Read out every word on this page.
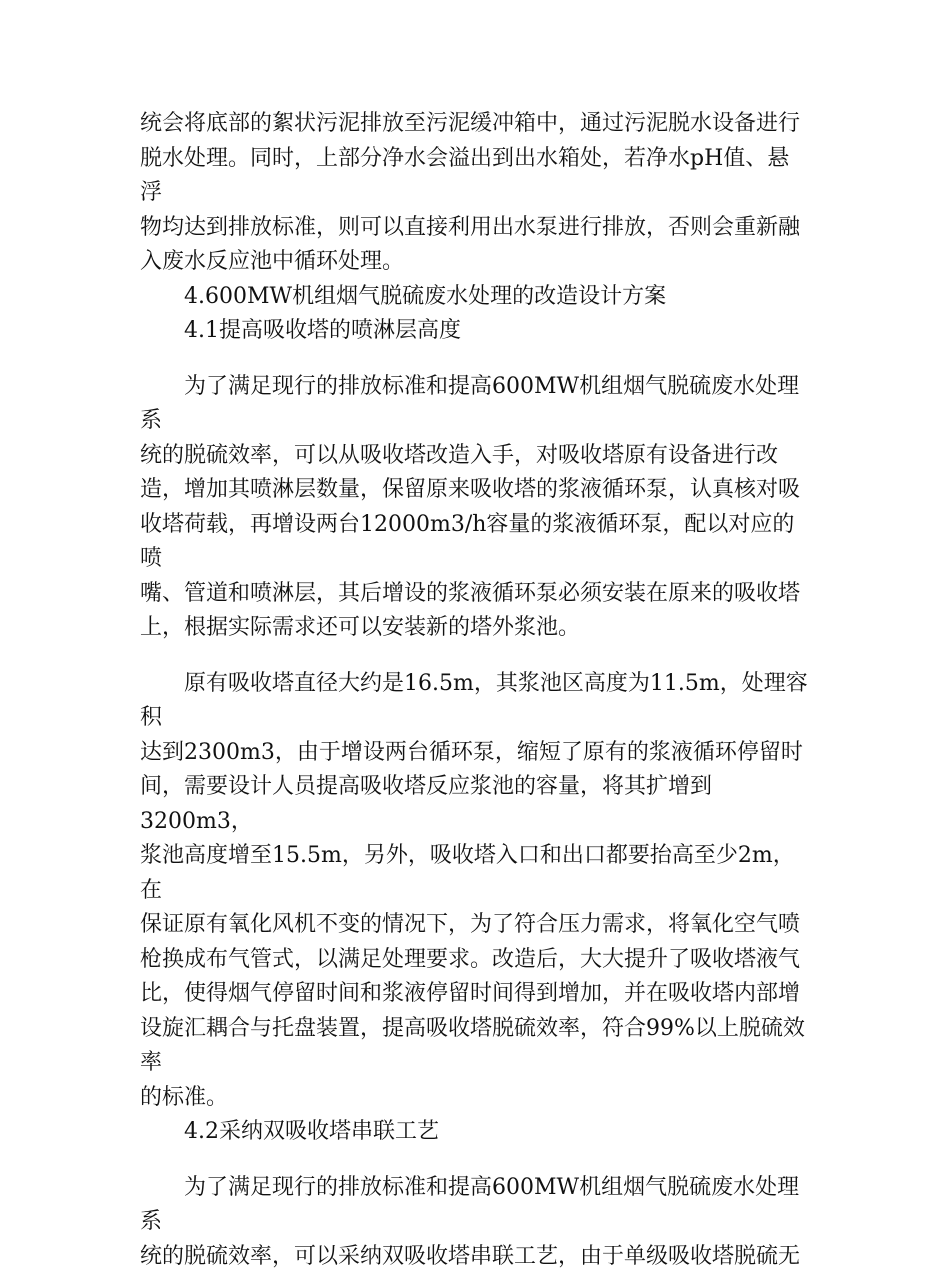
统会将底部的絮状污泥排放至污泥缓冲箱中，通过污泥脱水设备进行
脱水处理。同时，上部分净水会溢出到出水箱处，若净水pH值、悬浮
物均达到排放标准，则可以直接利用出水泵进行排放，否则会重新融
入废水反应池中循环处理。

4.600MW机组烟气脱硫废水处理的改造设计方案

4.1提高吸收塔的喷淋层高度

为了满足现行的排放标准和提高600MW机组烟气脱硫废水处理系
统的脱硫效率，可以从吸收塔改造入手，对吸收塔原有设备进行改
造，增加其喷淋层数量，保留原来吸收塔的浆液循环泵，认真核对吸
收塔荷载，再增设两台12000m3/h容量的浆液循环泵，配以对应的喷
嘴、管道和喷淋层，其后增设的浆液循环泵必须安装在原来的吸收塔
上，根据实际需求还可以安装新的塔外浆池。

原有吸收塔直径大约是16.5m，其浆池区高度为11.5m，处理容积
达到2300m3，由于增设两台循环泵，缩短了原有的浆液循环停留时
间，需要设计人员提高吸收塔反应浆池的容量，将其扩增到3200m3，
浆池高度增至15.5m，另外，吸收塔入口和出口都要抬高至少2m，在
保证原有氧化风机不变的情况下，为了符合压力需求，将氧化空气喷
枪换成布气管式，以满足处理要求。改造后，大大提升了吸收塔液气
比，使得烟气停留时间和浆液停留时间得到增加，并在吸收塔内部增
设旋汇耦合与托盘装置，提高吸收塔脱硫效率，符合99%以上脱硫效率
的标准。

4.2采纳双吸收塔串联工艺

为了满足现行的排放标准和提高600MW机组烟气脱硫废水处理系
统的脱硫效率，可以采纳双吸收塔串联工艺，由于单级吸收塔脱硫无
